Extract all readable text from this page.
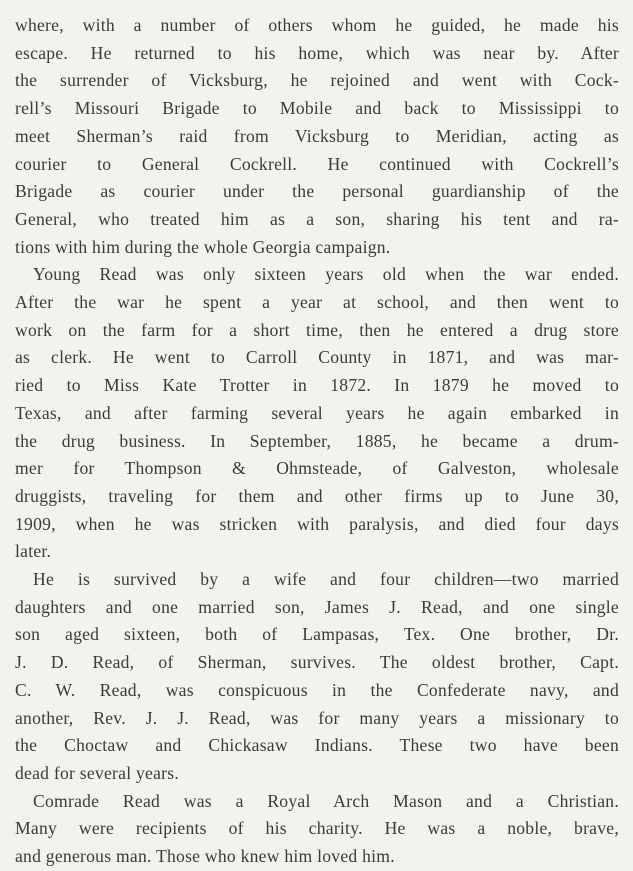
where, with a number of others whom he guided, he made his
escape. He returned to his home, which was near by. After
the surrender of Vicksburg, he rejoined and went with Cock-
rell’s Missouri Brigade to Mobile and back to Mississippi to
meet Sherman’s raid from Vicksburg to Meridian, acting as
courier to General Cockrell. He continued with Cockrell’s
Brigade as courier under the personal guardianship of the
General, who treated him as a son, sharing his tent and ra-
tions with him during the whole Georgia campaign.
Young Read was only sixteen years old when the war ended.
After the war he spent a year at school, and then went to
work on the farm for a short time, then he entered a drug store
as clerk. He went to Carroll County in 1871, and was mar-
ried to Miss Kate Trotter in 1872. In 1879 he moved to
Texas, and after farming several years he again embarked in
the drug business. In September, 1885, he became a drum-
mer for Thompson & Ohmsteade, of Galveston, wholesale
druggists, traveling for them and other firms up to June 30,
1909, when he was stricken with paralysis, and died four days
later.
He is survived by a wife and four children—two married
daughters and one married son, James J. Read, and one single
son aged sixteen, both of Lampasas, Tex. One brother, Dr.
J. D. Read, of Sherman, survives. The oldest brother, Capt.
C. W. Read, was conspicuous in the Confederate navy, and
another, Rev. J. J. Read, was for many years a missionary to
the Choctaw and Chickasaw Indians. These two have been
dead for several years.
Comrade Read was a Royal Arch Mason and a Christian.
Many were recipients of his charity. He was a noble, brave,
and generous man. Those who knew him loved him.
